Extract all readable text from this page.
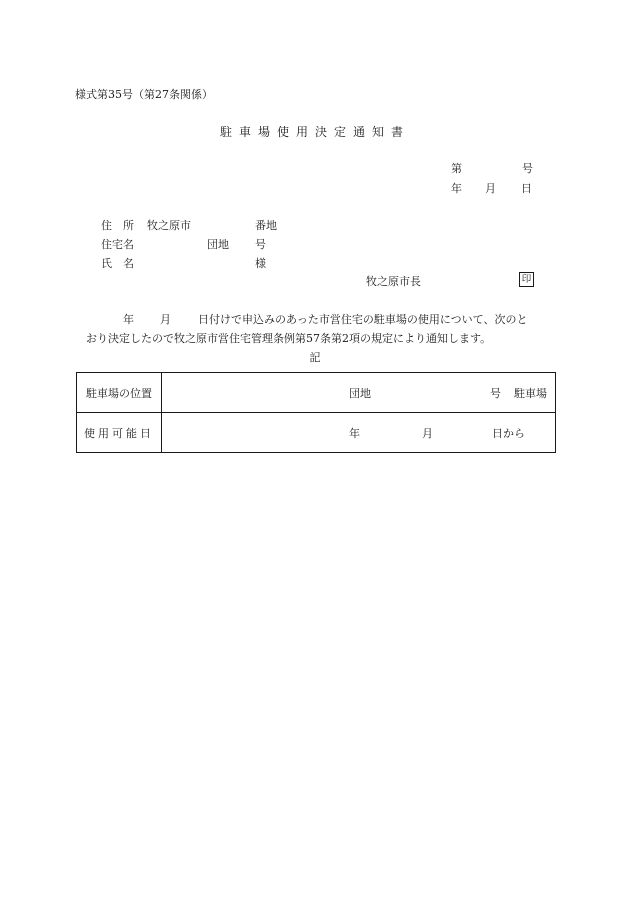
様式第35号（第27条関係）
駐車場使用決定通知書
第	号
年 月 日
住　所 牧之原市	番地
住宅名	団地 号
氏　名	様
牧之原市長	印
年 月 日付けで申込みのあった市営住宅の駐車場の使用について、次のと
おり決定したので牧之原市営住宅管理条例第57条第2項の規定により通知します。
記
駐車場の位置	団地 号 駐車場

使用可能日	年 月 日から
